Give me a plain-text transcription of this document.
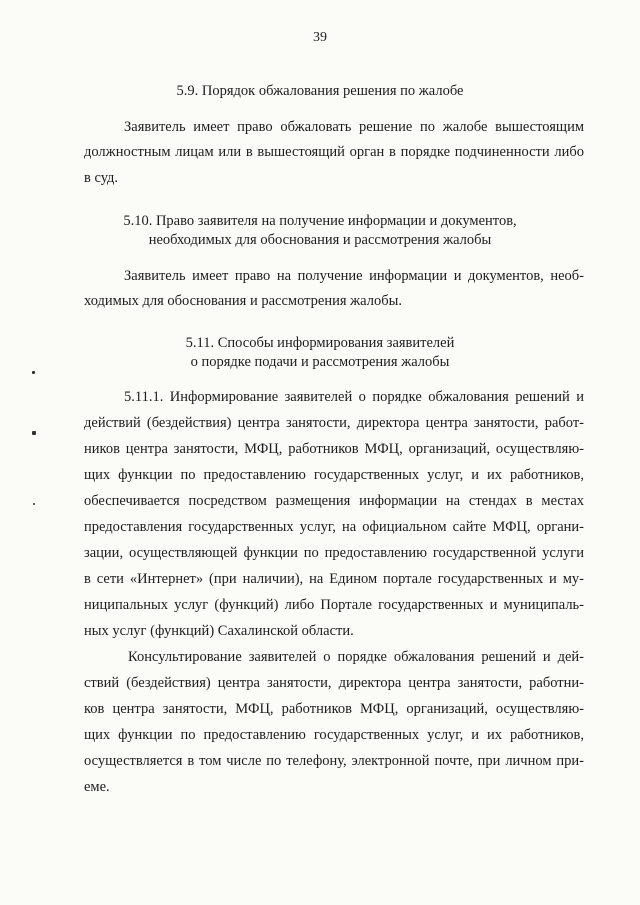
39
5.9. Порядок обжалования решения по жалобе
Заявитель имеет право обжаловать решение по жалобе вышестоящим
должностным лицам или в вышестоящий орган в порядке подчиненности либо
в суд.
5.10. Право заявителя на получение информации и документов,
необходимых для обоснования и рассмотрения жалобы
Заявитель имеет право на получение информации и документов, необ-
ходимых для обоснования и рассмотрения жалобы.
5.11. Способы информирования заявителей
о порядке подачи и рассмотрения жалобы
5.11.1. Информирование заявителей о порядке обжалования решений и
действий (бездействия) центра занятости, директора центра занятости, работ-
ников центра занятости, МФЦ, работников МФЦ, организаций, осуществляю-
щих функции по предоставлению государственных услуг, и их работников,
обеспечивается посредством размещения информации на стендах в местах
предоставления государственных услуг, на официальном сайте МФЦ, органи-
зации, осуществляющей функции по предоставлению государственной услуги
в сети «Интернет» (при наличии), на Едином портале государственных и му-
ниципальных услуг (функций) либо Портале государственных и муниципаль-
ных услуг (функций) Сахалинской области.
Консультирование заявителей о порядке обжалования решений и дей-
ствий (бездействия) центра занятости, директора центра занятости, работни-
ков центра занятости, МФЦ, работников МФЦ, организаций, осуществляю-
щих функции по предоставлению государственных услуг, и их работников,
осуществляется в том числе по телефону, электронной почте, при личном при-
еме.
